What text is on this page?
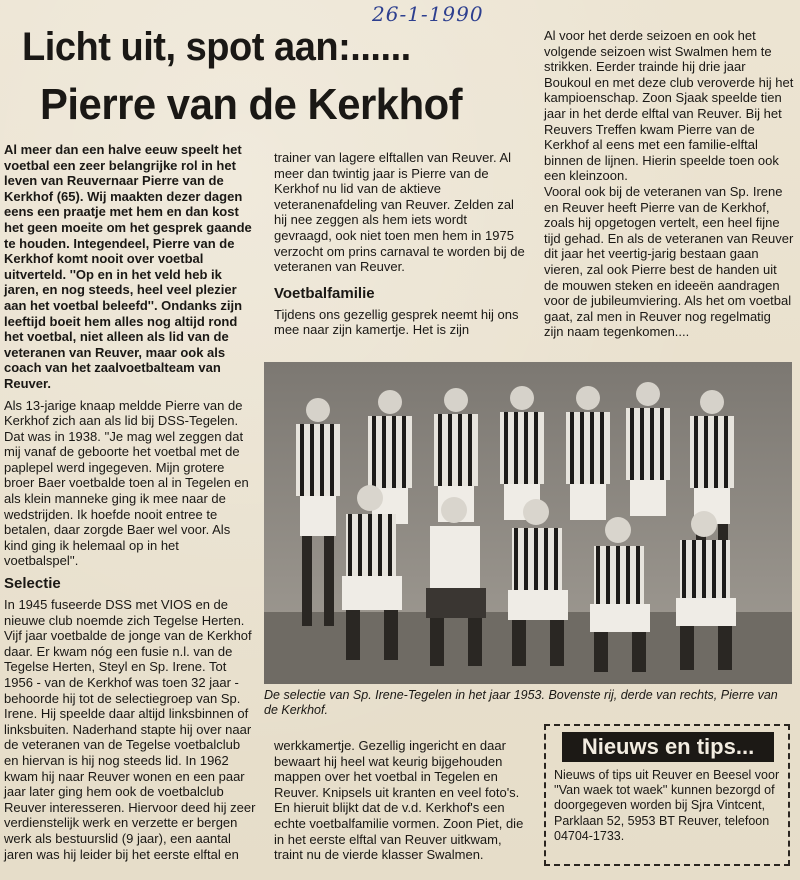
26-1-1990
Licht uit, spot aan:......
Pierre van de Kerkhof

Al meer dan een halve eeuw speelt het voetbal een zeer belangrijke rol in het leven van Reuvernaar Pierre van de Kerkhof (65). Wij maakten dezer dagen eens een praatje met hem en dan kost het geen moeite om het gesprek gaande te houden. Integendeel, Pierre van de Kerkhof komt nooit over voetbal uitverteld. ''Op en in het veld heb ik jaren, en nog steeds, heel veel plezier aan het voetbal beleefd''. Ondanks zijn leeftijd boeit hem alles nog altijd rond het voetbal, niet alleen als lid van de veteranen van Reuver, maar ook als coach van het zaalvoetbalteam van Reuver.

Als 13-jarige knaap meldde Pierre van de Kerkhof zich aan als lid bij DSS-Tegelen. Dat was in 1938. ''Je mag wel zeggen dat mij vanaf de geboorte het voetbal met de paplepel werd ingegeven. Mijn grotere broer Baer voetbalde toen al in Tegelen en als klein manneke ging ik mee naar de wedstrijden. Ik hoefde nooit entree te betalen, daar zorgde Baer wel voor. Als kind ging ik helemaal op in het voetbalspel''.

Selectie

In 1945 fuseerde DSS met VIOS en de nieuwe club noemde zich Tegelse Herten. Vijf jaar voetbalde de jonge van de Kerkhof daar. Er kwam nóg een fusie n.l. van de Tegelse Herten, Steyl en Sp. Irene. Tot 1956 - van de Kerkhof was toen 32 jaar - behoorde hij tot de selectiegroep van Sp. Irene. Hij speelde daar altijd linksbinnen of linksbuiten. Naderhand stapte hij over naar de veteranen van de Tegelse voetbalclub en hiervan is hij nog steeds lid. In 1962 kwam hij naar Reuver wonen en een paar jaar later ging hem ook de voetbalclub Reuver interesseren. Hiervoor deed hij zeer verdienstelijk werk en verzette er bergen werk als bestuurslid (9 jaar), een aantal jaren was hij leider bij het eerste elftal en

trainer van lagere elftallen van Reuver. Al meer dan twintig jaar is Pierre van de Kerkhof nu lid van de aktieve veteranenafdeling van Reuver. Zelden zal hij nee zeggen als hem iets wordt gevraagd, ook niet toen men hem in 1975 verzocht om prins carnaval te worden bij de veteranen van Reuver.

Voetbalfamilie

Tijdens ons gezellig gesprek neemt hij ons mee naar zijn kamertje. Het is zijn

Al voor het derde seizoen en ook het volgende seizoen wist Swalmen hem te strikken. Eerder trainde hij drie jaar Boukoul en met deze club veroverde hij het kampioenschap. Zoon Sjaak speelde tien jaar in het derde elftal van Reuver. Bij het Reuvers Treffen kwam Pierre van de Kerkhof al eens met een familie-elftal binnen de lijnen. Hierin speelde toen ook een kleinzoon.

Vooral ook bij de veteranen van Sp. Irene en Reuver heeft Pierre van de Kerkhof, zoals hij opgetogen vertelt, een heel fijne tijd gehad. En als de veteranen van Reuver dit jaar het veertig-jarig bestaan gaan vieren, zal ook Pierre best de handen uit de mouwen steken en ideeën aandragen voor de jubileumviering. Als het om voetbal gaat, zal men in Reuver nog regelmatig zijn naam tegenkomen....

De selectie van Sp. Irene-Tegelen in het jaar 1953. Bovenste rij, derde van rechts, Pierre van de Kerkhof.

werkkamertje. Gezellig ingericht en daar bewaart hij heel wat keurig bijgehouden mappen over het voetbal in Tegelen en Reuver. Knipsels uit kranten en veel foto's. En hieruit blijkt dat de v.d. Kerkhof's een echte voetbalfamilie vormen. Zoon Piet, die in het eerste elftal van Reuver uitkwam, traint nu de vierde klasser Swalmen.

Nieuws en tips...
Nieuws of tips uit Reuver en Beesel voor ''Van waek tot waek'' kunnen bezorgd of doorgegeven worden bij Sjra Vintcent, Parklaan 52, 5953 BT Reuver, telefoon 04704-1733.
